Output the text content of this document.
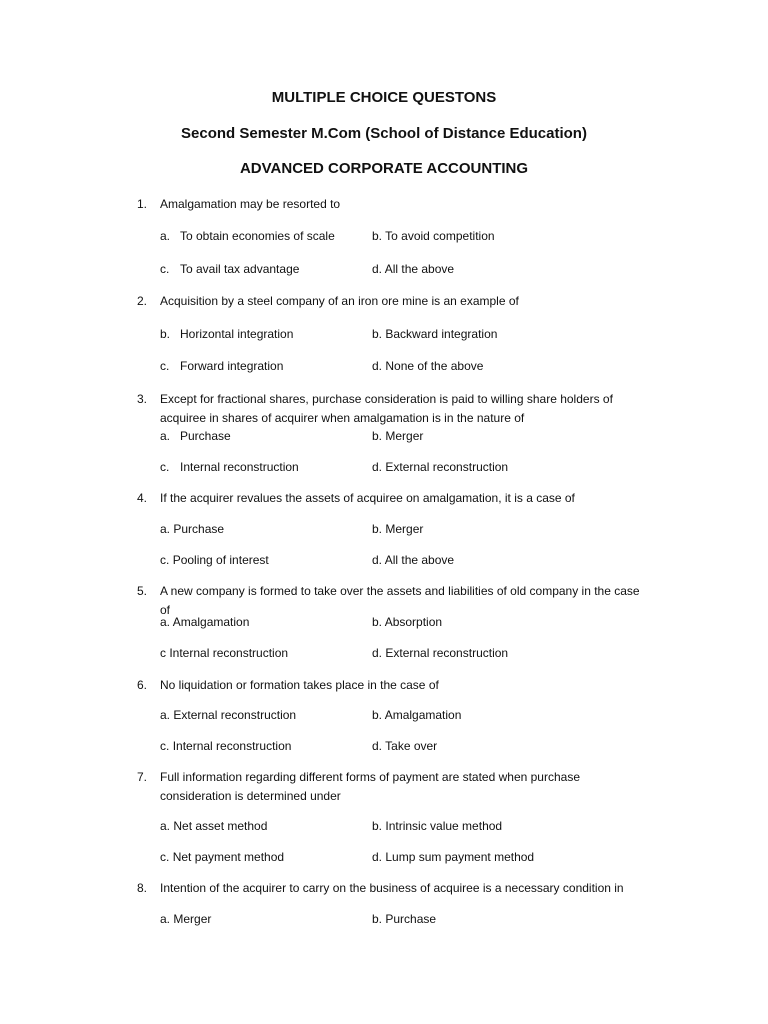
MULTIPLE CHOICE QUESTONS
Second Semester M.Com (School of Distance Education)
ADVANCED CORPORATE ACCOUNTING
1.	Amalgamation may be resorted to
a. To obtain economies of scale	b. To avoid competition
c. To avail tax advantage	d. All the above
2.	Acquisition by a steel company of an iron ore mine is an example of
b. Horizontal integration	b. Backward integration
c. Forward integration	d. None of the above
3.	Except for fractional shares, purchase consideration is paid to willing share holders of acquiree in shares of acquirer when amalgamation is in the nature of
a. Purchase	b. Merger
c. Internal reconstruction	d. External reconstruction
4.	If the acquirer revalues the assets of acquiree on amalgamation, it is a case of
a. Purchase	b. Merger
c. Pooling of interest	d. All the above
5.	A new company is formed to take over the assets and liabilities of old company in the case of
a. Amalgamation	b. Absorption
c Internal reconstruction	d. External reconstruction
6.	No liquidation or formation takes place in the case of
a. External reconstruction	b. Amalgamation
c. Internal reconstruction	d. Take over
7.	Full information regarding different forms of payment are stated when purchase consideration is determined under
a. Net asset method	b. Intrinsic value method
c. Net payment method	d. Lump sum payment method
8.	Intention of the acquirer to carry on the business of acquiree is a necessary condition in
a. Merger	b. Purchase
